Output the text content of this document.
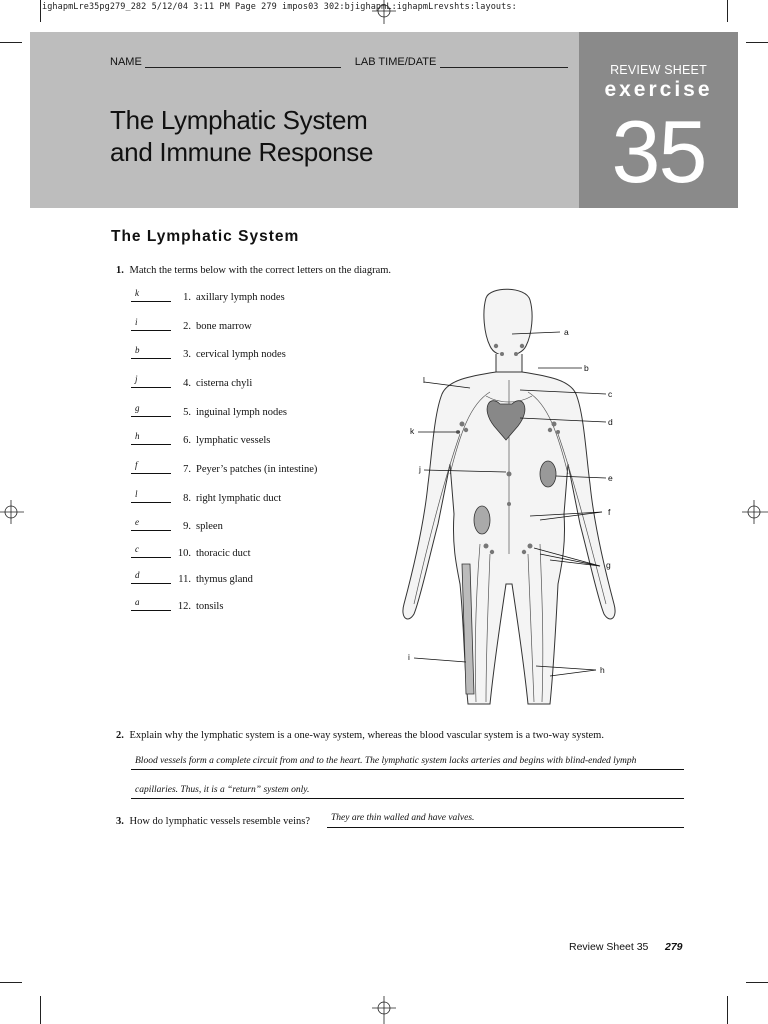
ighapmLre35pg279_282 5/12/04 3:11 PM Page 279 impos03 302:bjighapmL:ighapmLrevshts:layouts:
NAME	LAB TIME/DATE
The Lymphatic System
and Immune Response
REVIEW SHEET
exercise
35
The Lymphatic System
1. Match the terms below with the correct letters on the diagram.
k	1. axillary lymph nodes
i	2. bone marrow
b	3. cervical lymph nodes
j	4. cisterna chyli
g	5. inguinal lymph nodes
h	6. lymphatic vessels
f	7. Peyer’s patches (in intestine)
l	8. right lymphatic duct
e	9. spleen
c	10. thoracic duct
d	11. thymus gland
a	12. tonsils
a
b
c
d
e
f
g
h
i
j
k
l
2. Explain why the lymphatic system is a one-way system, whereas the blood vascular system is a two-way system.
Blood vessels form a complete circuit from and to the heart. The lymphatic system lacks arteries and begins with blind-ended lymph
capillaries. Thus, it is a “return” system only.
3. How do lymphatic vessels resemble veins?	They are thin walled and have valves.
Review Sheet 35 279
